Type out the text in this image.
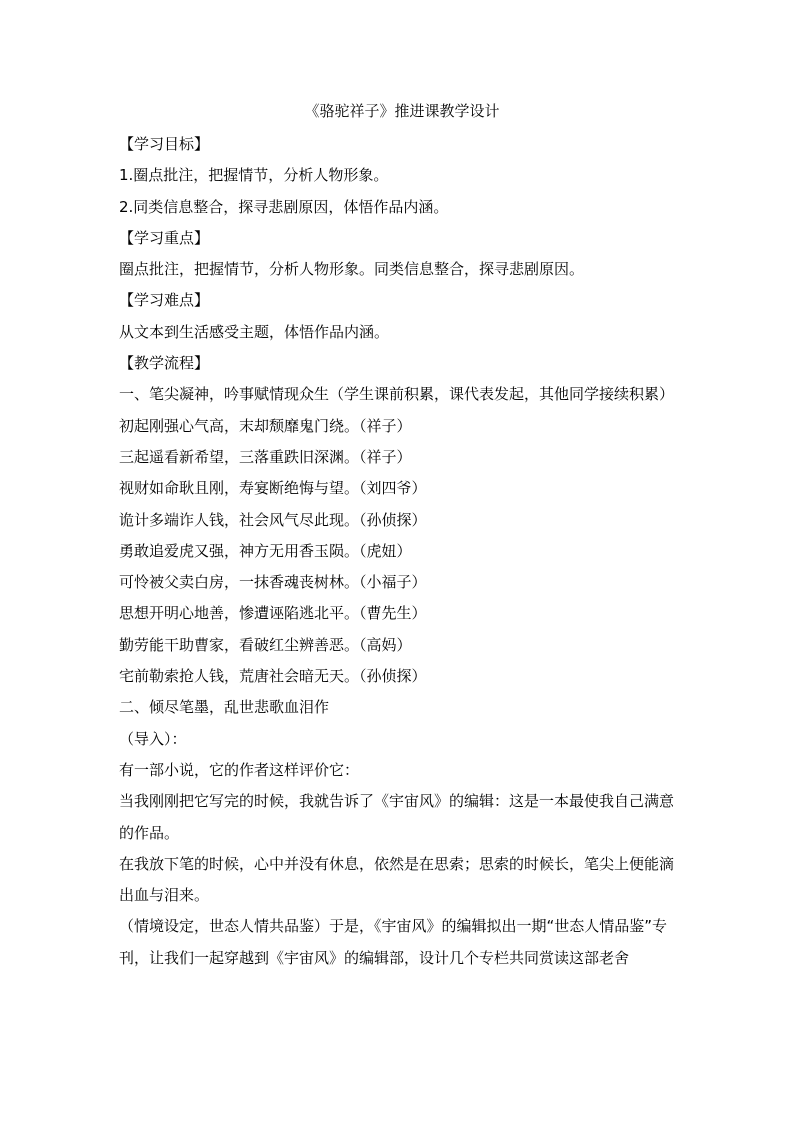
《骆驼祥子》推进课教学设计
【学习目标】
1.圈点批注，把握情节，分析人物形象。
2.同类信息整合，探寻悲剧原因，体悟作品内涵。
【学习重点】
圈点批注，把握情节，分析人物形象。同类信息整合，探寻悲剧原因。
【学习难点】
从文本到生活感受主题，体悟作品内涵。
【教学流程】
一、笔尖凝神，吟事赋情现众生（学生课前积累，课代表发起，其他同学接续积累）
初起刚强心气高，末却颓靡鬼门绕。（祥子）
三起遥看新希望，三落重跌旧深渊。（祥子）
视财如命耿且刚，寿宴断绝悔与望。（刘四爷）
诡计多端诈人钱，社会风气尽此现。（孙侦探）
勇敢追爱虎又强，神方无用香玉陨。（虎妞）
可怜被父卖白房，一抹香魂丧树林。（小福子）
思想开明心地善，惨遭诬陷逃北平。（曹先生）
勤劳能干助曹家，看破红尘辨善恶。（高妈）
宅前勒索抢人钱，荒唐社会暗无天。（孙侦探）
二、倾尽笔墨，乱世悲歌血泪作
（导入）：
有一部小说，它的作者这样评价它：
当我刚刚把它写完的时候，我就告诉了《宇宙风》的编辑：这是一本最使我自己满意的作品。
在我放下笔的时候，心中并没有休息，依然是在思索；思索的时候长，笔尖上便能滴出血与泪来。
（情境设定，世态人情共品鉴）于是，《宇宙风》的编辑拟出一期“世态人情品鉴”专刊，让我们一起穿越到《宇宙风》的编辑部，设计几个专栏共同赏读这部老舍
